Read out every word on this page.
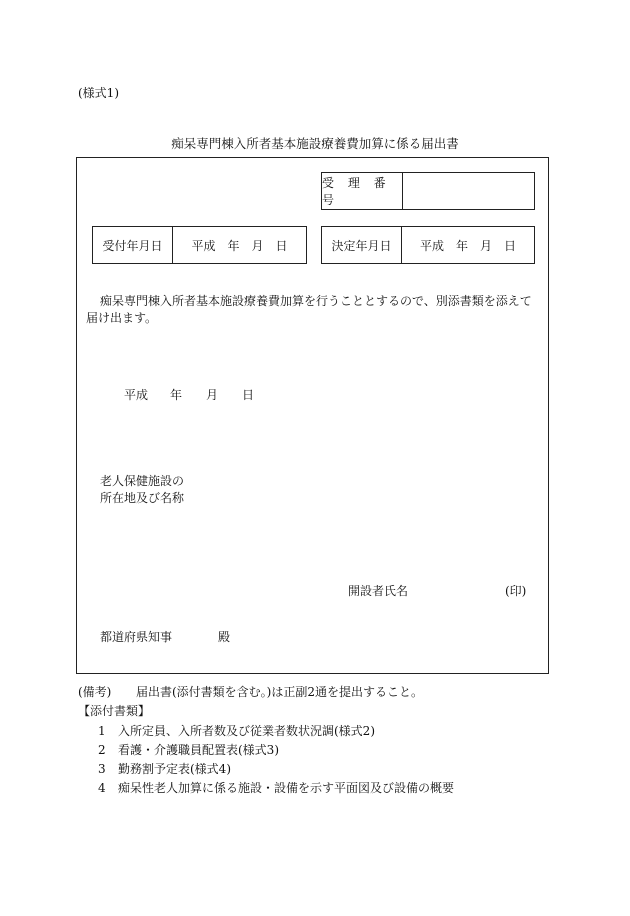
(様式1)
痴呆専門棟入所者基本施設療養費加算に係る届出書
受 理 番 号
受付年月日	平成　年　月　日	決定年月日	平成　年　月　日
痴呆専門棟入所者基本施設療養費加算を行うこととするので、別添書類を添えて届け出ます。
平成 年 月 日
老人保健施設の
所在地及び名称
開設者氏名	(印)
都道府県知事	殿
(備考) 届出書(添付書類を含む。)は正副2通を提出すること。
【添付書類】
1 入所定員、入所者数及び従業者数状況調(様式2)
2 看護・介護職員配置表(様式3)
3 勤務割予定表(様式4)
4 痴呆性老人加算に係る施設・設備を示す平面図及び設備の概要
